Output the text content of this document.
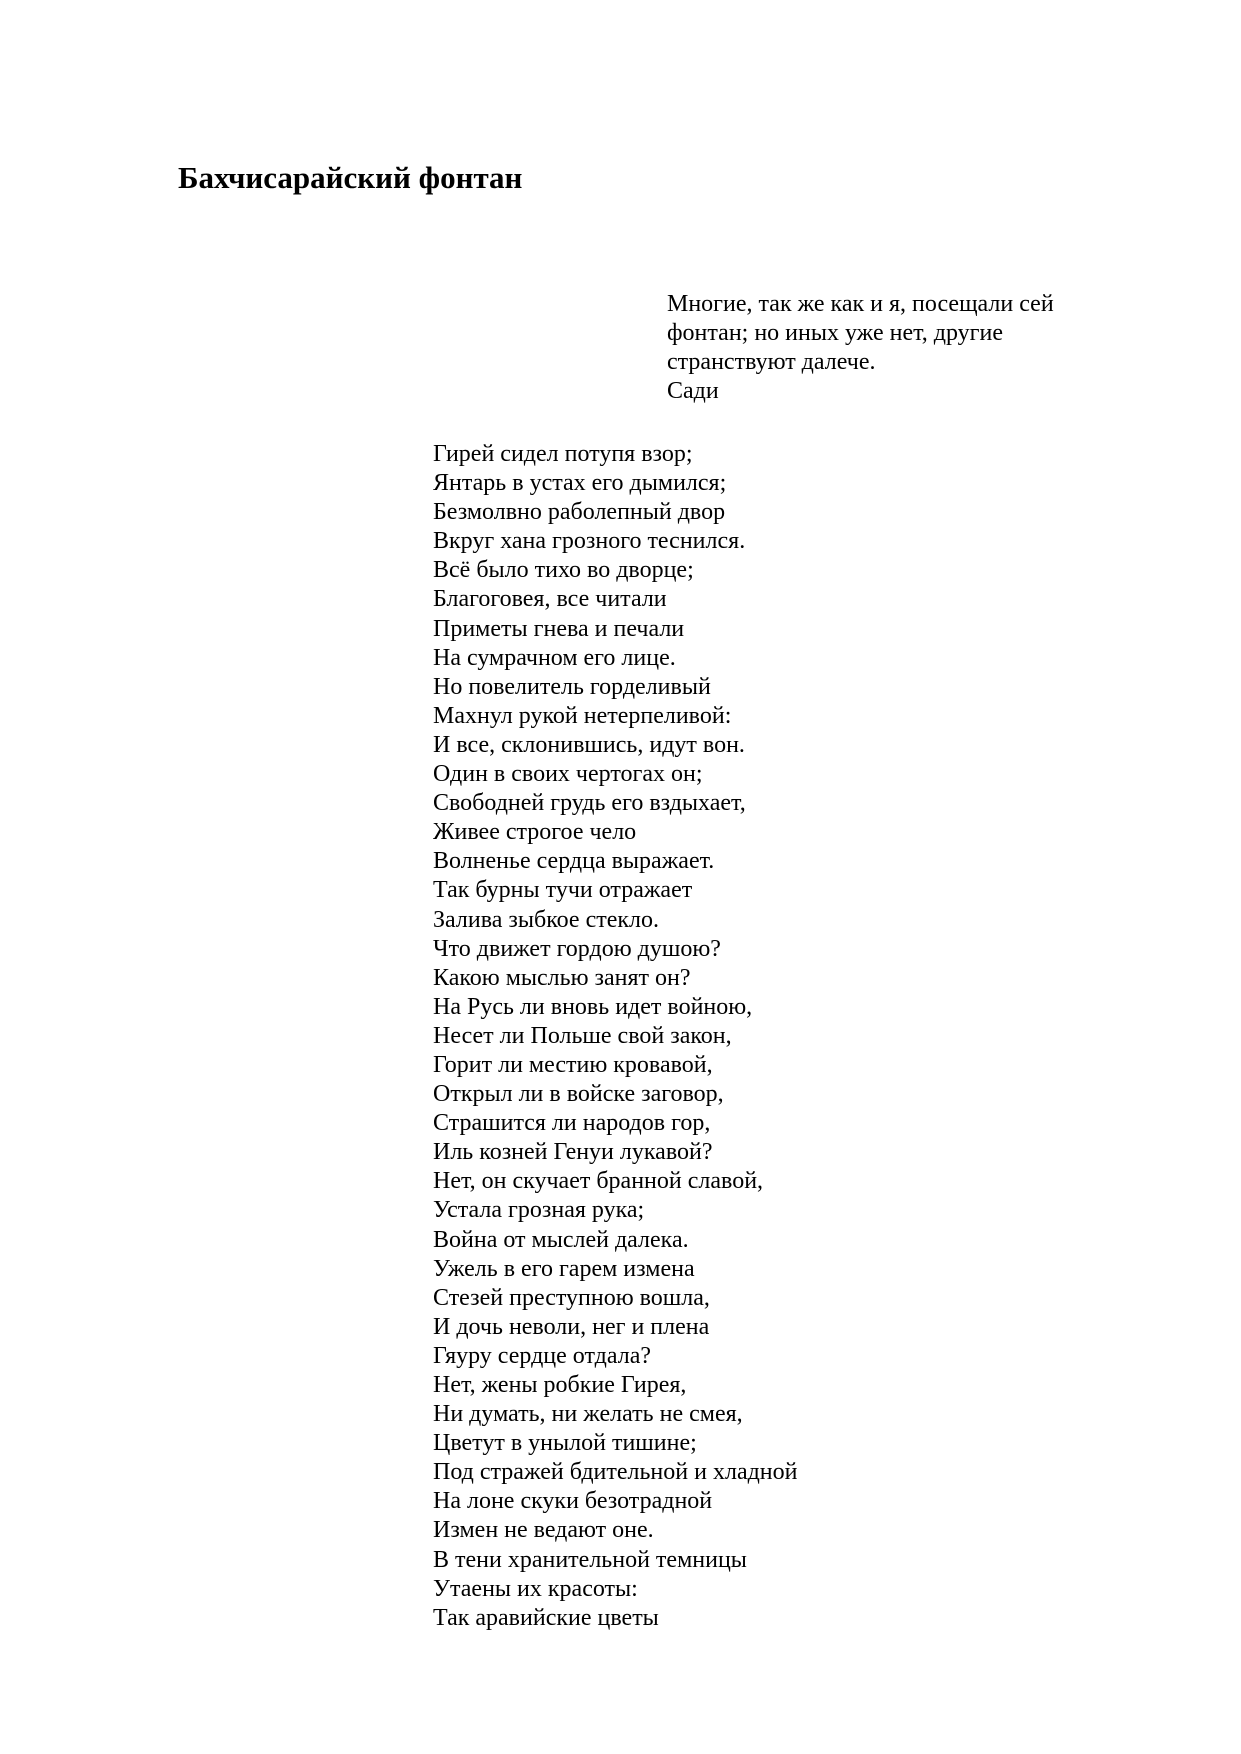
Бахчисарайский фонтан
Многие, так же как и я, посещали сей
фонтан; но иных уже нет, другие
странствуют далече.
Сади
Гирей сидел потупя взор;
Янтарь в устах его дымился;
Безмолвно раболепный двор
Вкруг хана грозного теснился.
Всё было тихо во дворце;
Благоговея, все читали
Приметы гнева и печали
На сумрачном его лице.
Но повелитель горделивый
Махнул рукой нетерпеливой:
И все, склонившись, идут вон.
Один в своих чертогах он;
Свободней грудь его вздыхает,
Живее строгое чело
Волненье сердца выражает.
Так бурны тучи отражает
Залива зыбкое стекло.
Что движет гордою душою?
Какою мыслью занят он?
На Русь ли вновь идет войною,
Несет ли Польше свой закон,
Горит ли местию кровавой,
Открыл ли в войске заговор,
Страшится ли народов гор,
Иль козней Генуи лукавой?
Нет, он скучает бранной славой,
Устала грозная рука;
Война от мыслей далека.
Ужель в его гарем измена
Стезей преступною вошла,
И дочь неволи, нег и плена
Гяуру сердце отдала?
Нет, жены робкие Гирея,
Ни думать, ни желать не смея,
Цветут в унылой тишине;
Под стражей бдительной и хладной
На лоне скуки безотрадной
Измен не ведают оне.
В тени хранительной темницы
Утаены их красоты:
Так аравийские цветы
